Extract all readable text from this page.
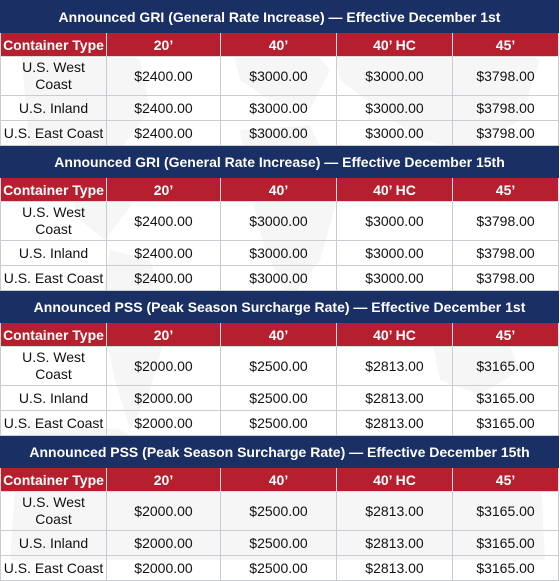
Announced GRI (General Rate Increase) — Effective December 1st				
Container Type	20’	40’	40’ HC	45’
U.S. West Coast	$2400.00	$3000.00	$3000.00	$3798.00
U.S. Inland	$2400.00	$3000.00	$3000.00	$3798.00
U.S. East Coast	$2400.00	$3000.00	$3000.00	$3798.00
Announced GRI (General Rate Increase) — Effective December 15th				
Container Type	20’	40’	40’ HC	45’
U.S. West Coast	$2400.00	$3000.00	$3000.00	$3798.00
U.S. Inland	$2400.00	$3000.00	$3000.00	$3798.00
U.S. East Coast	$2400.00	$3000.00	$3000.00	$3798.00
Announced PSS (Peak Season Surcharge Rate) — Effective December 1st				
Container Type	20’	40’	40’ HC	45’
U.S. West Coast	$2000.00	$2500.00	$2813.00	$3165.00
U.S. Inland	$2000.00	$2500.00	$2813.00	$3165.00
U.S. East Coast	$2000.00	$2500.00	$2813.00	$3165.00
Announced PSS (Peak Season Surcharge Rate) — Effective December 15th				
Container Type	20’	40’	40’ HC	45’
U.S. West Coast	$2000.00	$2500.00	$2813.00	$3165.00
U.S. Inland	$2000.00	$2500.00	$2813.00	$3165.00
U.S. East Coast	$2000.00	$2500.00	$2813.00	$3165.00
